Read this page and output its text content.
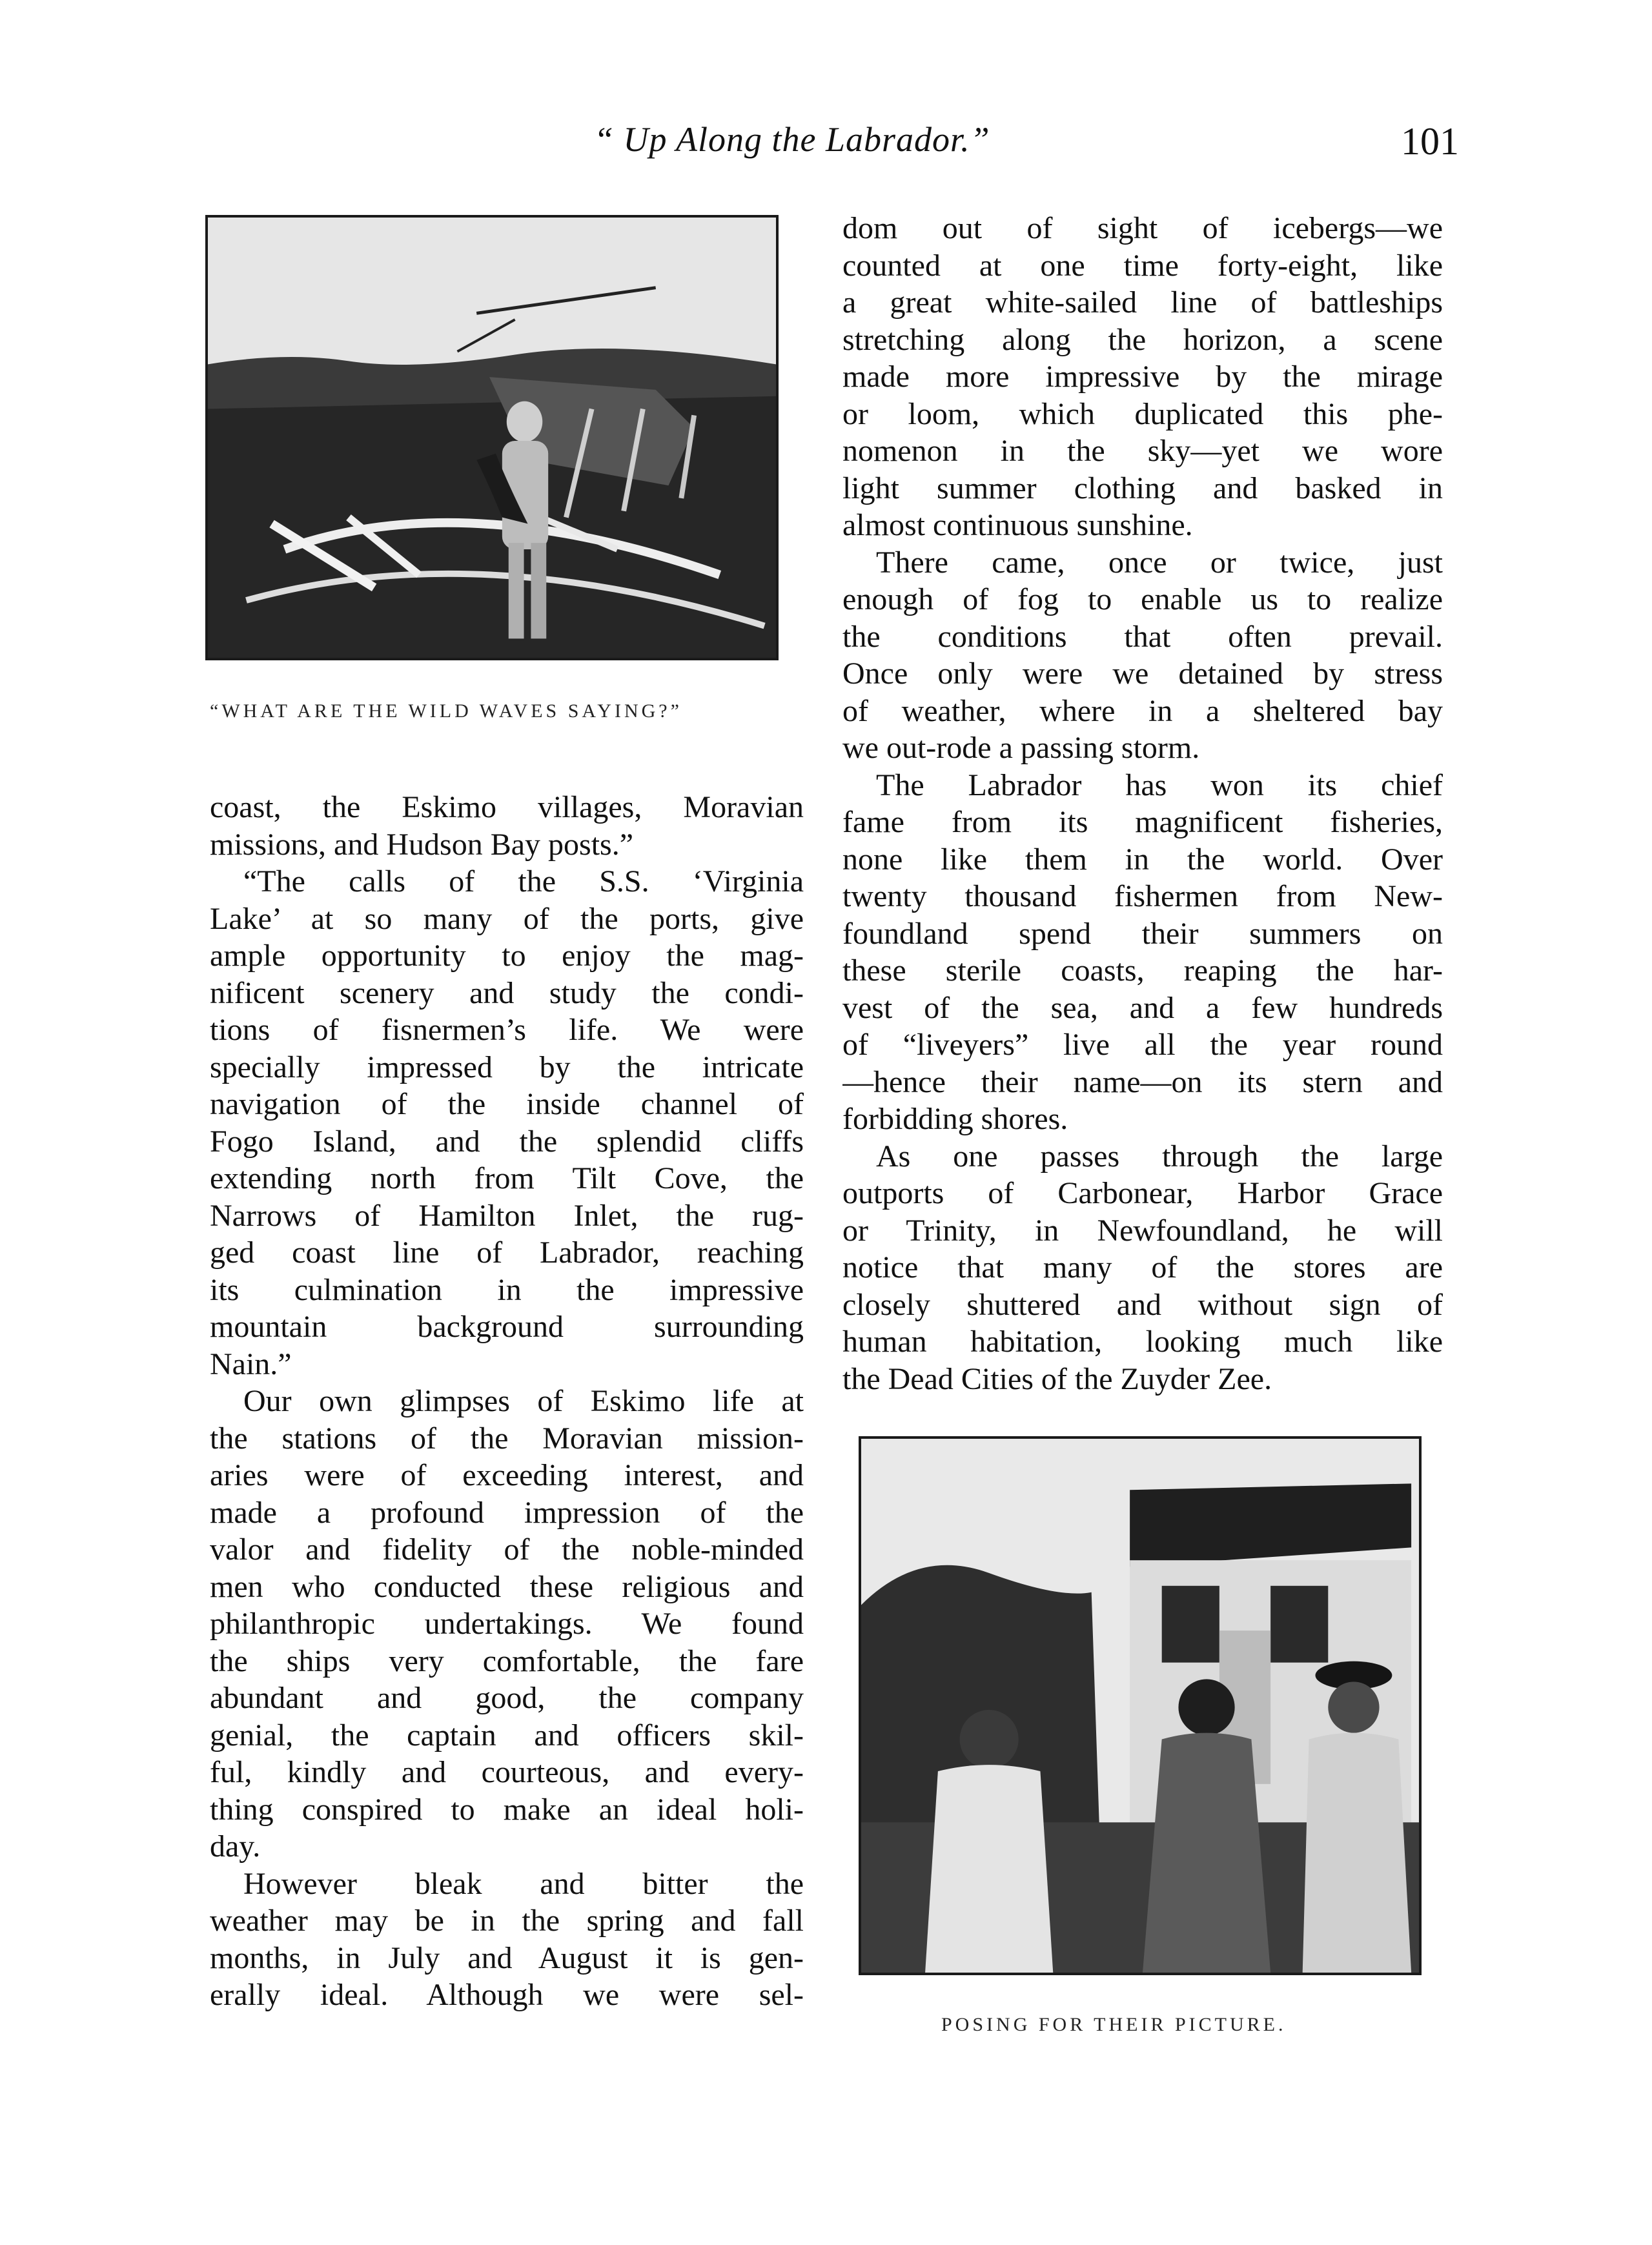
“ Up Along the Labrador.”	101
“WHAT ARE THE WILD WAVES SAYING?”
coast, the Eskimo villages, Moravian
missions, and Hudson Bay posts.”
“The calls of the S.S. ‘Virginia
Lake’ at so many of the ports, give
ample opportunity to enjoy the mag-
nificent scenery and study the condi-
tions of fisnermen’s life. We were
specially impressed by the intricate
navigation of the inside channel of
Fogo Island, and the splendid cliffs
extending north from Tilt Cove, the
Narrows of Hamilton Inlet, the rug-
ged coast line of Labrador, reaching
its culmination in the impressive
mountain background surrounding
Nain.”
Our own glimpses of Eskimo life at
the stations of the Moravian mission-
aries were of exceeding interest, and
made a profound impression of the
valor and fidelity of the noble-minded
men who conducted these religious and
philanthropic undertakings. We found
the ships very comfortable, the fare
abundant and good, the company
genial, the captain and officers skil-
ful, kindly and courteous, and every-
thing conspired to make an ideal holi-
day.
However bleak and bitter the
weather may be in the spring and fall
months, in July and August it is gen-
erally ideal. Although we were sel-
dom out of sight of icebergs—we
counted at one time forty-eight, like
a great white-sailed line of battleships
stretching along the horizon, a scene
made more impressive by the mirage
or loom, which duplicated this phe-
nomenon in the sky—yet we wore
light summer clothing and basked in
almost continuous sunshine.
There came, once or twice, just
enough of fog to enable us to realize
the conditions that often prevail.
Once only were we detained by stress
of weather, where in a sheltered bay
we out-rode a passing storm.
The Labrador has won its chief
fame from its magnificent fisheries,
none like them in the world. Over
twenty thousand fishermen from New-
foundland spend their summers on
these sterile coasts, reaping the har-
vest of the sea, and a few hundreds
of “liveyers” live all the year round
—hence their name—on its stern and
forbidding shores.
As one passes through the large
outports of Carbonear, Harbor Grace
or Trinity, in Newfoundland, he will
notice that many of the stores are
closely shuttered and without sign of
human habitation, looking much like
the Dead Cities of the Zuyder Zee.
POSING FOR THEIR PICTURE.
